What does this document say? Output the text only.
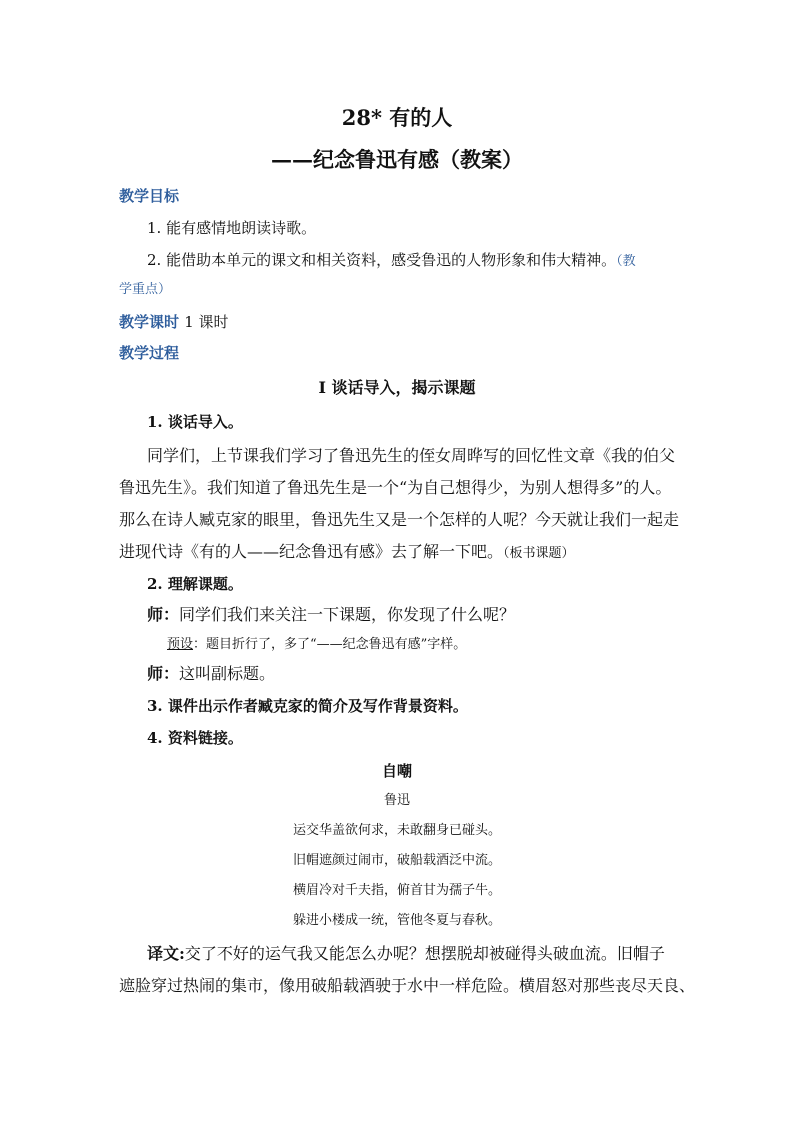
28* 有的人
——纪念鲁迅有感（教案）
教学目标
1. 能有感情地朗读诗歌。
2. 能借助本单元的课文和相关资料，感受鲁迅的人物形象和伟大精神。（教
学重点）
教学课时 1 课时
教学过程
Ⅰ 谈话导入，揭示课题
1. 谈话导入。
同学们，上节课我们学习了鲁迅先生的侄女周晔写的回忆性文章《我的伯父
鲁迅先生》。我们知道了鲁迅先生是一个“为自己想得少，为别人想得多”的人。
那么在诗人臧克家的眼里，鲁迅先生又是一个怎样的人呢？今天就让我们一起走
进现代诗《有的人——纪念鲁迅有感》去了解一下吧。（板书课题）
2. 理解课题。
师：同学们我们来关注一下课题，你发现了什么呢？
预设：题目折行了，多了“——纪念鲁迅有感”字样。
师：这叫副标题。
3. 课件出示作者臧克家的简介及写作背景资料。
4. 资料链接。
自嘲
鲁迅
运交华盖欲何求，未敢翻身已碰头。
旧帽遮颜过闹市，破船载酒泛中流。
横眉冷对千夫指，俯首甘为孺子牛。
躲进小楼成一统，管他冬夏与春秋。
译文:交了不好的运气我又能怎么办呢？想摆脱却被碰得头破血流。旧帽子
遮脸穿过热闹的集市，像用破船载酒驶于水中一样危险。横眉怒对那些丧尽天良、
